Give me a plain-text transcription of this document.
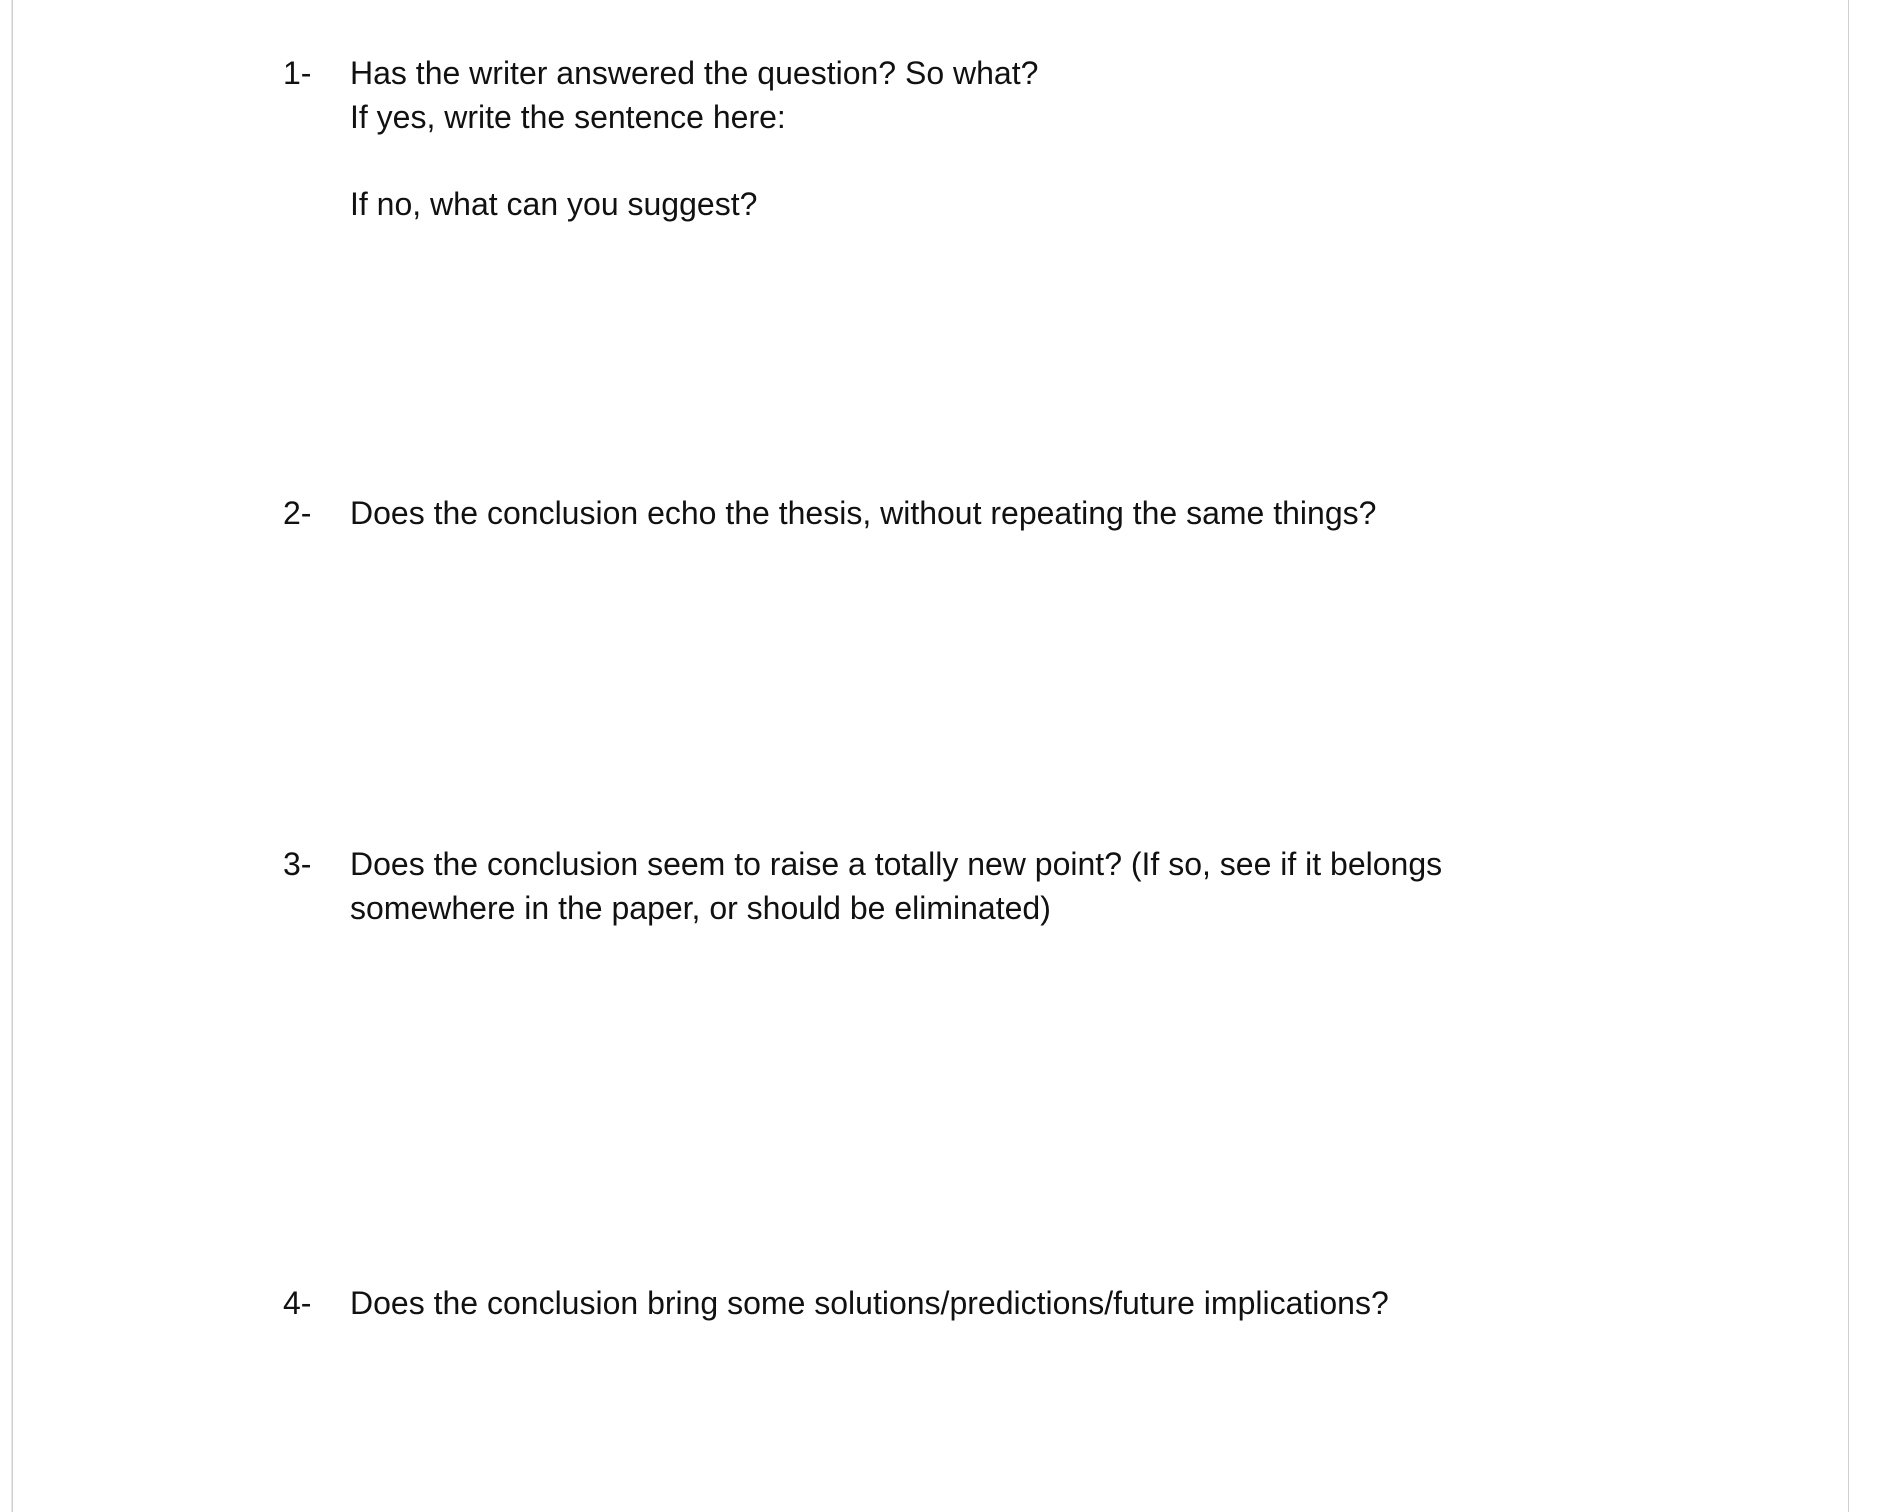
1-	Has the writer answered the question? So what?
If yes, write the sentence here:
If no, what can you suggest?
2-	Does the conclusion echo the thesis, without repeating the same things?
3-	Does the conclusion seem to raise a totally new point? (If so, see if it belongs
somewhere in the paper, or should be eliminated)
4-	Does the conclusion bring some solutions/predictions/future implications?
